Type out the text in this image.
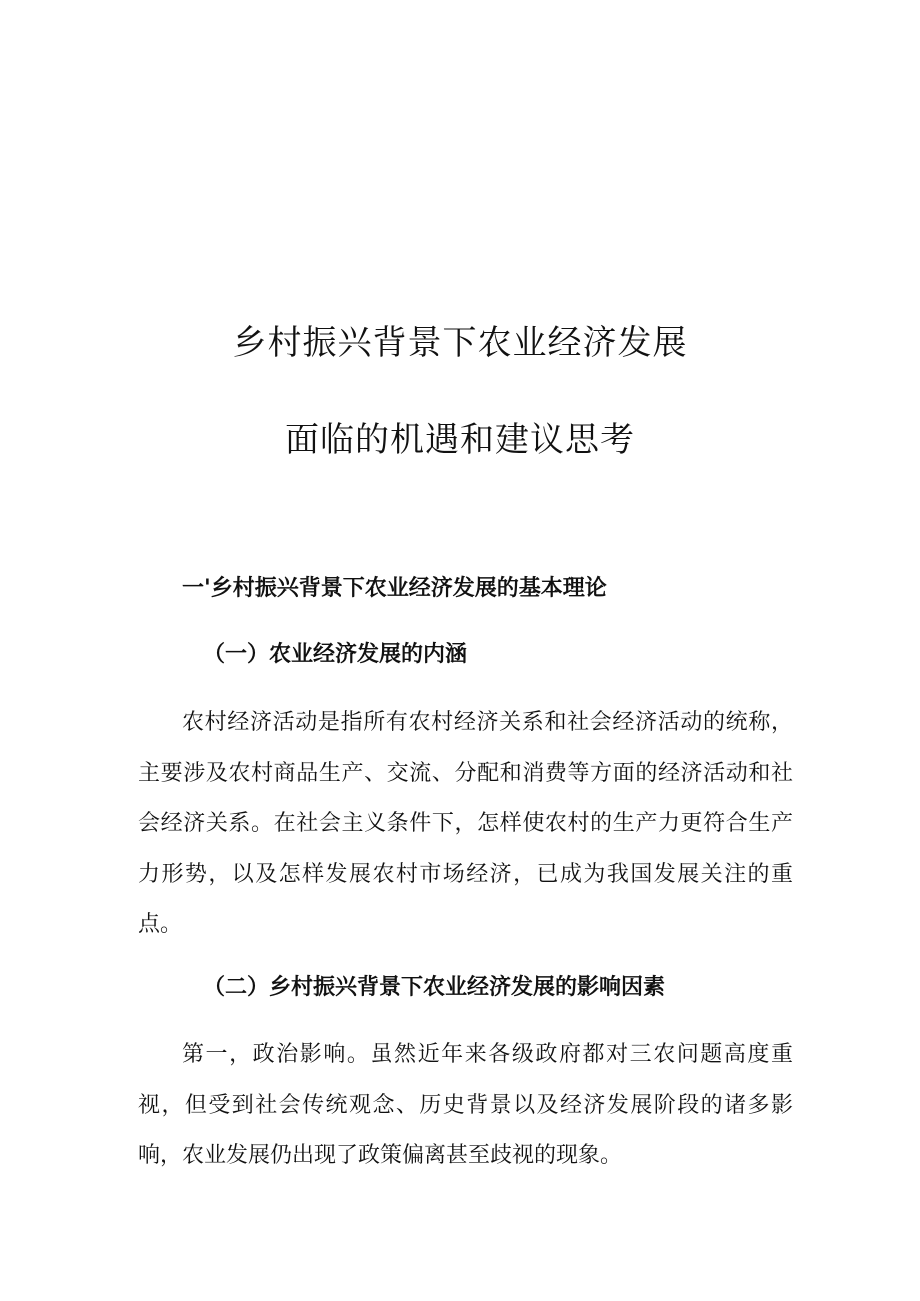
乡村振兴背景下农业经济发展
面临的机遇和建议思考
一'乡村振兴背景下农业经济发展的基本理论
（一）农业经济发展的内涵

农村经济活动是指所有农村经济关系和社会经济活动的统称，主要涉及农村商品生产、交流、分配和消费等方面的经济活动和社会经济关系。在社会主义条件下，怎样使农村的生产力更符合生产力形势，以及怎样发展农村市场经济，已成为我国发展关注的重点。

（二）乡村振兴背景下农业经济发展的影响因素

第一，政治影响。虽然近年来各级政府都对三农问题高度重视，但受到社会传统观念、历史背景以及经济发展阶段的诸多影响，农业发展仍出现了政策偏离甚至歧视的现象。
